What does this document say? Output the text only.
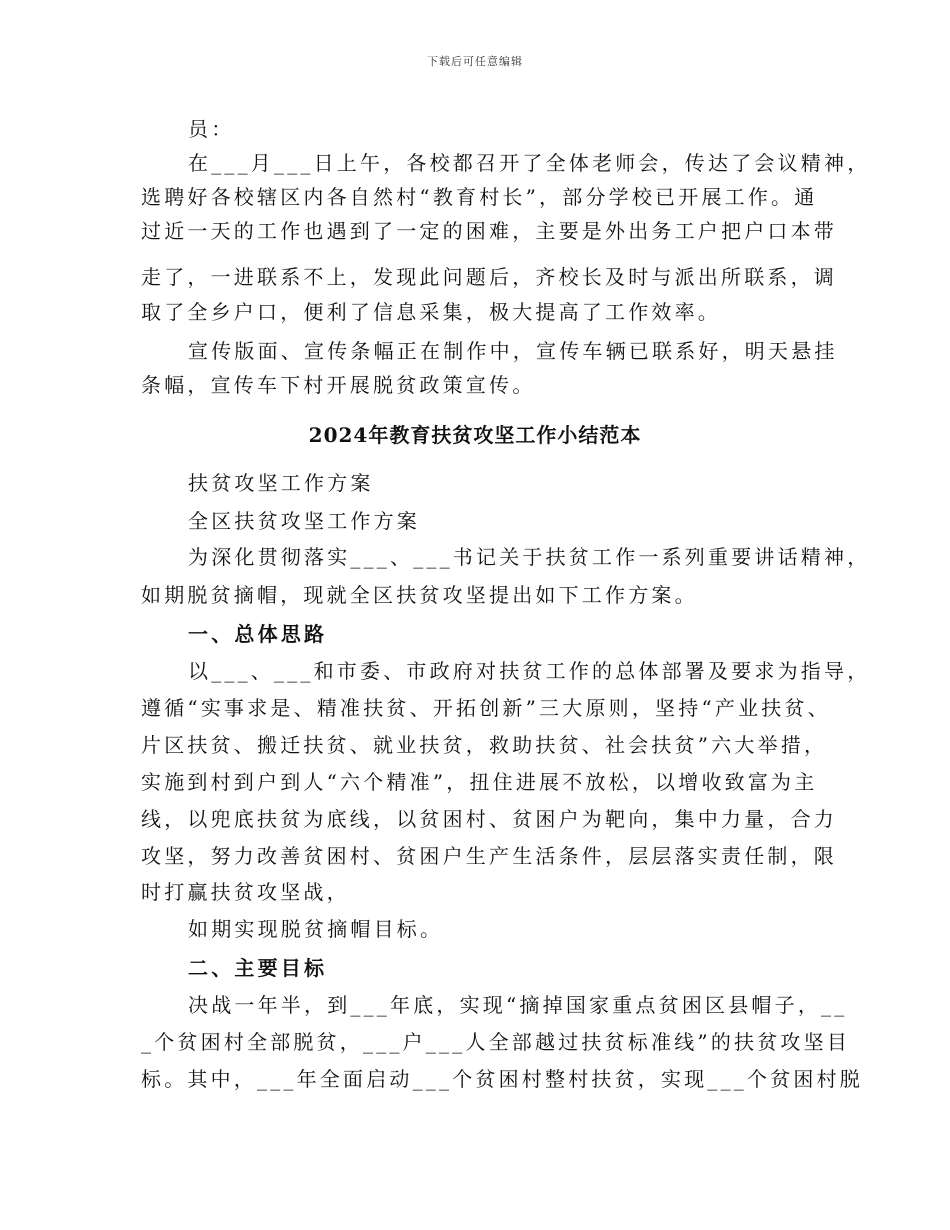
下载后可任意编辑
员：
在___月___日上午，各校都召开了全体老师会，传达了会议精神，
选聘好各校辖区内各自然村“教育村长”，部分学校已开展工作。通
过近一天的工作也遇到了一定的困难，主要是外出务工户把户口本带
走了，一进联系不上，发现此问题后，齐校长及时与派出所联系，调
取了全乡户口，便利了信息采集，极大提高了工作效率。
宣传版面、宣传条幅正在制作中，宣传车辆已联系好，明天悬挂
条幅，宣传车下村开展脱贫政策宣传。
2024年教育扶贫攻坚工作小结范本
扶贫攻坚工作方案
全区扶贫攻坚工作方案
为深化贯彻落实___、___书记关于扶贫工作一系列重要讲话精神，
如期脱贫摘帽，现就全区扶贫攻坚提出如下工作方案。
一、总体思路
以___、___和市委、市政府对扶贫工作的总体部署及要求为指导，
遵循“实事求是、精准扶贫、开拓创新”三大原则，坚持“产业扶贫、
片区扶贫、搬迁扶贫、就业扶贫，救助扶贫、社会扶贫”六大举措，
实施到村到户到人“六个精准”，扭住进展不放松，以增收致富为主
线，以兜底扶贫为底线，以贫困村、贫困户为靶向，集中力量，合力
攻坚，努力改善贫困村、贫困户生产生活条件，层层落实责任制，限
时打赢扶贫攻坚战，
如期实现脱贫摘帽目标。
二、主要目标
决战一年半，到___年底，实现“摘掉国家重点贫困区县帽子，__
_个贫困村全部脱贫，___户___人全部越过扶贫标准线”的扶贫攻坚目
标。其中，___年全面启动___个贫困村整村扶贫，实现___个贫困村脱
